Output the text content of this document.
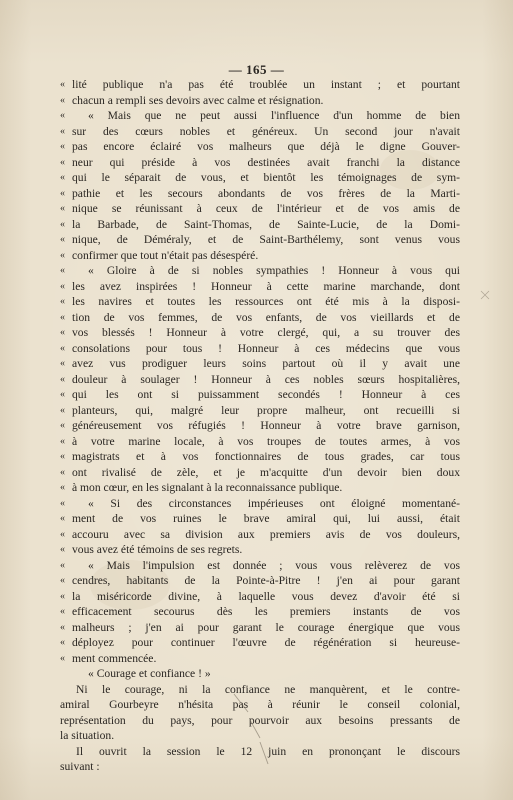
— 165 —
« lité publique n'a pas été troublée un instant ; et pourtant
« chacun a rempli ses devoirs avec calme et résignation.
«	« Mais que ne peut aussi l'influence d'un homme de bien
« sur des cœurs nobles et généreux. Un second jour n'avait
« pas encore éclairé vos malheurs que déjà le digne Gouver-
« neur qui préside à vos destinées avait franchi la distance
« qui le séparait de vous, et bientôt les témoignages de sym-
« pathie et les secours abondants de vos frères de la Marti-
« nique se réunissant à ceux de l'intérieur et de vos amis de
« la Barbade, de Saint-Thomas, de Sainte-Lucie, de la Domi-
« nique, de Déméraly, et de Saint-Barthélemy, sont venus vous
« confirmer que tout n'était pas désespéré.
«	« Gloire à de si nobles sympathies ! Honneur à vous qui
« les avez inspirées ! Honneur à cette marine marchande, dont
« les navires et toutes les ressources ont été mis à la disposi-
« tion de vos femmes, de vos enfants, de vos vieillards et de
« vos blessés ! Honneur à votre clergé, qui, a su trouver des
« consolations pour tous ! Honneur à ces médecins que vous
« avez vus prodiguer leurs soins partout où il y avait une
« douleur à soulager ! Honneur à ces nobles sœurs hospitalières,
« qui les ont si puissamment secondés ! Honneur à ces
« planteurs, qui, malgré leur propre malheur, ont recueilli si
« généreusement vos réfugiés ! Honneur à votre brave garnison,
« à votre marine locale, à vos troupes de toutes armes, à vos
« magistrats et à vos fonctionnaires de tous grades, car tous
« ont rivalisé de zèle, et je m'acquitte d'un devoir bien doux
« à mon cœur, en les signalant à la reconnaissance publique.
«	« Si des circonstances impérieuses ont éloigné momentané-
« ment de vos ruines le brave amiral qui, lui aussi, était
« accouru avec sa division aux premiers avis de vos douleurs,
« vous avez été témoins de ses regrets.
«	« Mais l'impulsion est donnée ; vous vous relèverez de vos
« cendres, habitants de la Pointe-à-Pitre ! j'en ai pour garant
« la miséricorde divine, à laquelle vous devez d'avoir été si
« efficacement secourus dès les premiers instants de vos
« malheurs ; j'en ai pour garant le courage énergique que vous
« déployez pour continuer l'œuvre de régénération si heureuse-
« ment commencée.
« Courage et confiance ! »
Ni le courage, ni la confiance ne manquèrent, et le contre-
amiral Gourbeyre n'hésita pas à réunir le conseil colonial,
représentation du pays, pour pourvoir aux besoins pressants de
la situation.
Il ouvrit la session le 12 juin en prononçant le discours
suivant :
